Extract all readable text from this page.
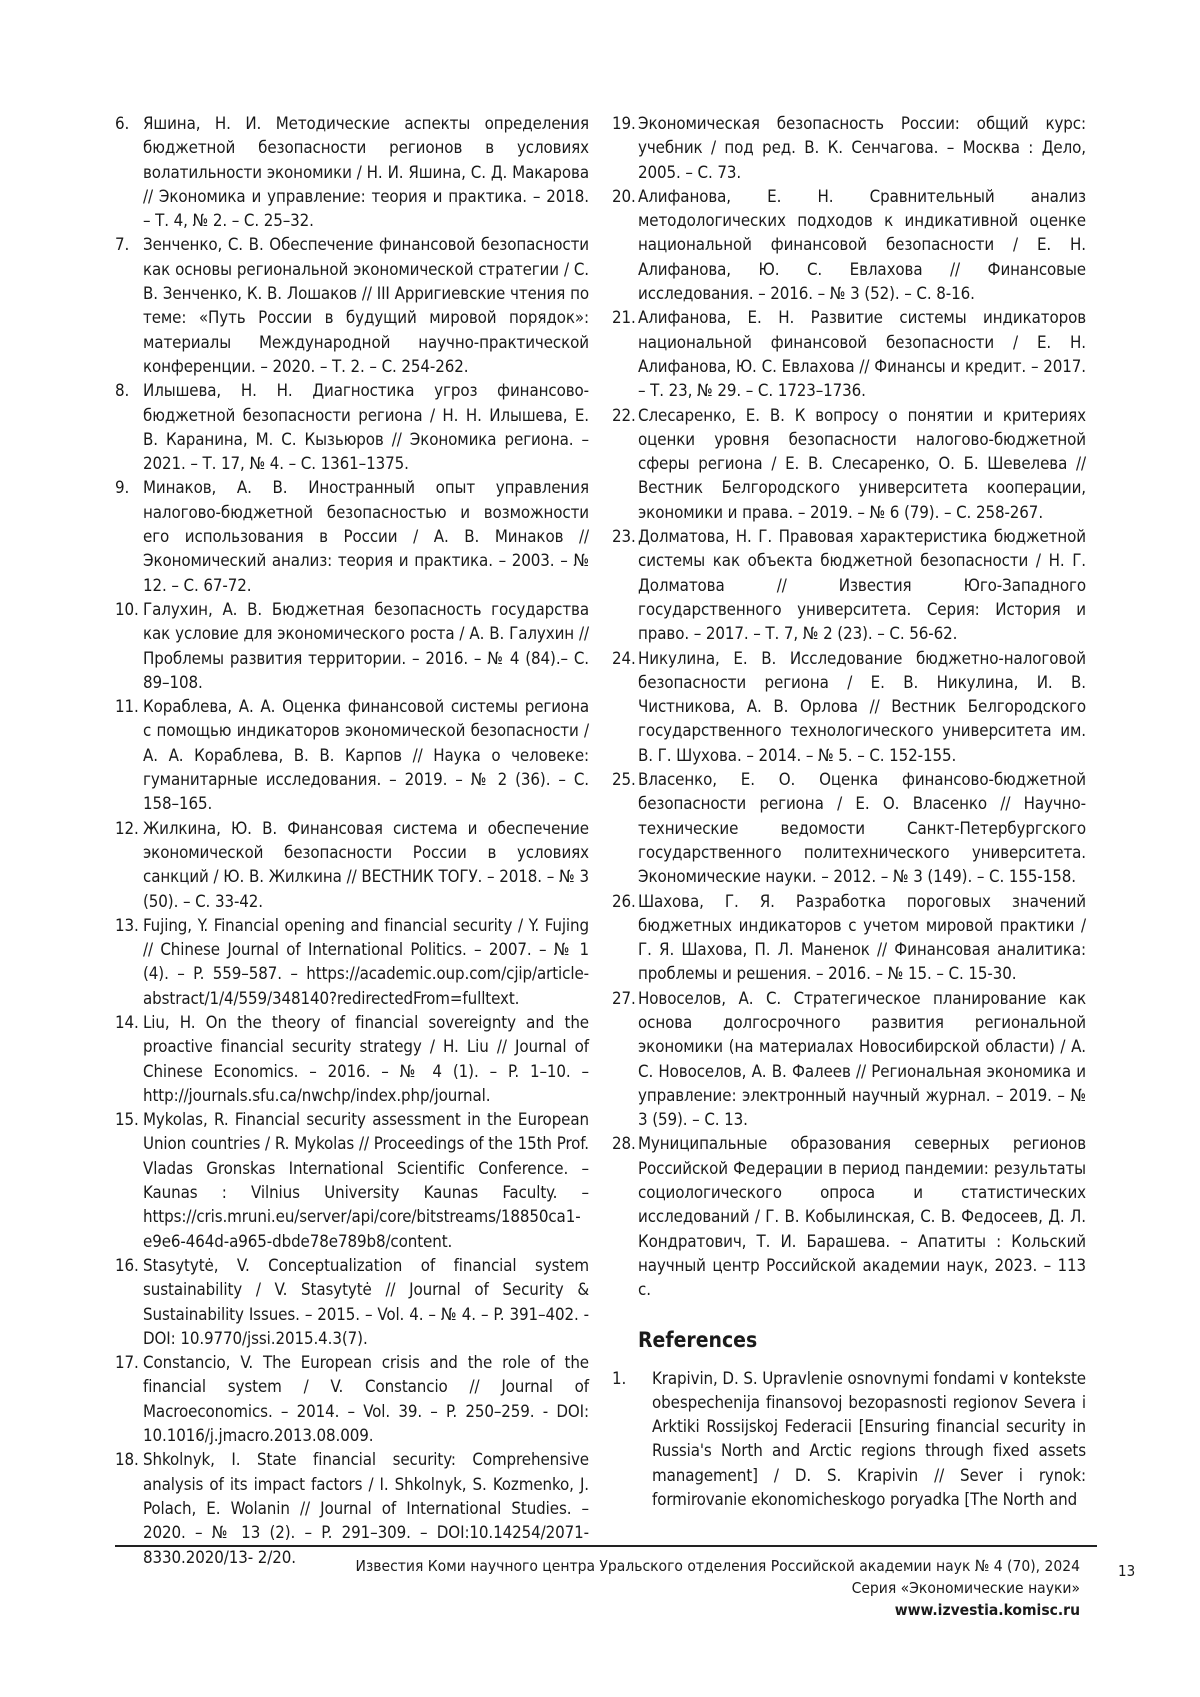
6. Яшина, Н. И. Методические аспекты определения бюджетной безопасности регионов в условиях волатильности экономики / Н. И. Яшина, С. Д. Макарова // Экономика и управление: теория и практика. – 2018. – Т. 4, № 2. – С. 25–32.
7. Зенченко, С. В. Обеспечение финансовой безопасности как основы региональной экономической стратегии / С. В. Зенченко, К. В. Лошаков // III Арригиевские чтения по теме: «Путь России в будущий мировой порядок»: материалы Международной научно-практической конференции. – 2020. – Т. 2. – С. 254-262.
8. Илышева, Н. Н. Диагностика угроз финансово-бюджетной безопасности региона / Н. Н. Илышева, Е. В. Каранина, М. С. Кызьюров // Экономика региона. – 2021. – Т. 17, № 4. – С. 1361–1375.
9. Минаков, А. В. Иностранный опыт управления налогово-бюджетной безопасностью и возможности его использования в России / А. В. Минаков // Экономический анализ: теория и практика. – 2003. – № 12. – С. 67-72.
10. Галухин, А. В. Бюджетная безопасность государства как условие для экономического роста / А. В. Галухин // Проблемы развития территории. – 2016. – № 4 (84).– С. 89–108.
11. Кораблева, А. А. Оценка финансовой системы региона с помощью индикаторов экономической безопасности / А. А. Кораблева, В. В. Карпов // Наука о человеке: гуманитарные исследования. – 2019. – № 2 (36). – С. 158–165.
12. Жилкина, Ю. В. Финансовая система и обеспечение экономической безопасности России в условиях санкций / Ю. В. Жилкина // ВЕСТНИК ТОГУ. – 2018. – № 3 (50). – С. 33-42.
13. Fujing, Y. Financial opening and financial security / Y. Fujing // Chinese Journal of International Politics. – 2007. – № 1 (4). – P. 559–587. – https://academic.oup.com/cjip/article-abstract/1/4/559/348140?redirectedFrom=fulltext.
14. Liu, H. On the theory of financial sovereignty and the proactive financial security strategy / H. Liu // Journal of Chinese Economics. – 2016. – № 4 (1). – P. 1–10. – http://journals.sfu.ca/nwchp/index.php/journal.
15. Mykolas, R. Financial security assessment in the European Union countries / R. Mykolas // Proceedings of the 15th Prof. Vladas Gronskas International Scientific Conference. – Kaunas : Vilnius University Kaunas Faculty. – https://cris.mruni.eu/server/api/core/bitstreams/18850ca1-e9e6-464d-a965-dbde78e789b8/content.
16. Stasytytė, V. Conceptualization of financial system sustainability / V. Stasytytė // Journal of Security & Sustainability Issues. – 2015. – Vol. 4. – № 4. – P. 391–402. - DOI: 10.9770/jssi.2015.4.3(7).
17. Constancio, V. The European crisis and the role of the financial system / V. Constancio // Journal of Macroeconomics. – 2014. – Vol. 39. – P. 250–259. - DOI: 10.1016/j.jmacro.2013.08.009.
18. Shkolnyk, I. State financial security: Comprehensive analysis of its impact factors / I. Shkolnyk, S. Kozmenko, J. Polach, E. Wolanin // Journal of International Studies. – 2020. – № 13 (2). – P. 291–309. – DOI:10.14254/2071-8330.2020/13- 2/20.
19. Экономическая безопасность России: общий курс: учебник / под ред. В. К. Сенчагова. – Москва : Дело, 2005. – С. 73.
20. Алифанова, Е. Н. Сравнительный анализ методологических подходов к индикативной оценке национальной финансовой безопасности / Е. Н. Алифанова, Ю. С. Евлахова // Финансовые исследования. – 2016. – № 3 (52). – С. 8-16.
21. Алифанова, Е. Н. Развитие системы индикаторов национальной финансовой безопасности / Е. Н. Алифанова, Ю. С. Евлахова // Финансы и кредит. – 2017. – Т. 23, № 29. – С. 1723–1736.
22. Слесаренко, Е. В. К вопросу о понятии и критериях оценки уровня безопасности налогово-бюджетной сферы региона / Е. В. Слесаренко, О. Б. Шевелева // Вестник Белгородского университета кооперации, экономики и права. – 2019. – № 6 (79). – С. 258-267.
23. Долматова, Н. Г. Правовая характеристика бюджетной системы как объекта бюджетной безопасности / Н. Г. Долматова // Известия Юго-Западного государственного университета. Серия: История и право. – 2017. – Т. 7, № 2 (23). – С. 56-62.
24. Никулина, Е. В. Исследование бюджетно-налоговой безопасности региона / Е. В. Никулина, И. В. Чистникова, А. В. Орлова // Вестник Белгородского государственного технологического университета им. В. Г. Шухова. – 2014. – № 5. – С. 152-155.
25. Власенко, Е. О. Оценка финансово-бюджетной безопасности региона / Е. О. Власенко // Научно-технические ведомости Санкт-Петербургского государственного политехнического университета. Экономические науки. – 2012. – № 3 (149). – С. 155-158.
26. Шахова, Г. Я. Разработка пороговых значений бюджетных индикаторов с учетом мировой практики / Г. Я. Шахова, П. Л. Маненок // Финансовая аналитика: проблемы и решения. – 2016. – № 15. – С. 15-30.
27. Новоселов, А. С. Стратегическое планирование как основа долгосрочного развития региональной экономики (на материалах Новосибирской области) / А. С. Новоселов, А. В. Фалеев // Региональная экономика и управление: электронный научный журнал. – 2019. – № 3 (59). – С. 13.
28. Муниципальные образования северных регионов Российской Федерации в период пандемии: результаты социологического опроса и статистических исследований / Г. В. Кобылинская, С. В. Федосеев, Д. Л. Кондратович, Т. И. Барашева. – Апатиты : Кольский научный центр Российской академии наук, 2023. – 113 с.
References
1.	Krapivin, D. S. Upravlenie osnovnymi fondami v kontekste obespechenija finansovoj bezopasnosti regionov Severa i Arktiki Rossijskoj Federacii [Ensuring financial security in Russia's North and Arctic regions through fixed assets management] / D. S. Krapivin // Sever i rynok: formirovanie ekonomicheskogo poryadka [The North and
Известия Коми научного центра Уральского отделения Российской академии наук № 4 (70), 2024
Серия «Экономические науки»
www.izvestia.komisc.ru
13
